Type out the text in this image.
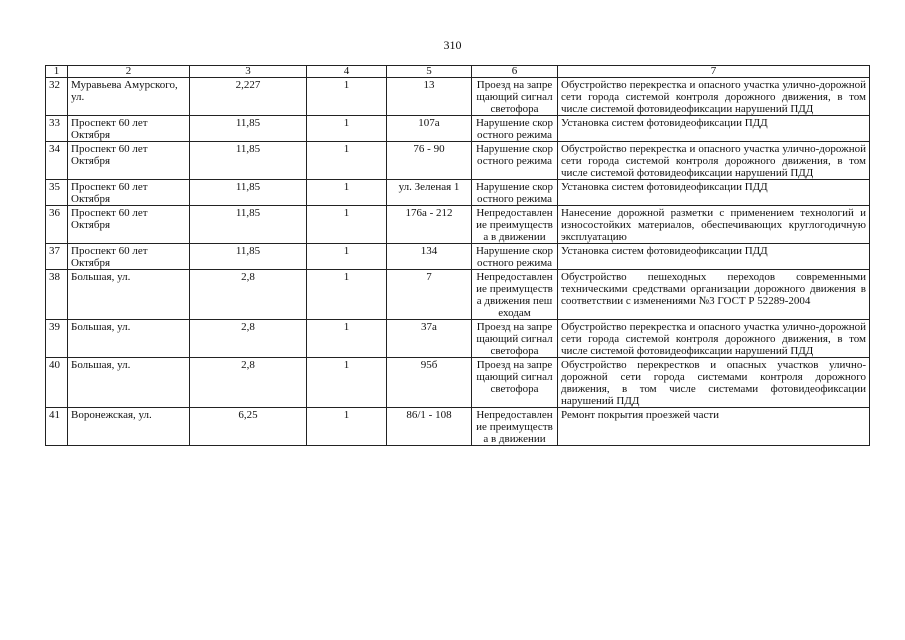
310
1	2	3	4	5	6	7
32	Муравьева Амурского, ул.	2,227	1	13	Проезд на запрещающий сигнал светофора	Обустройство перекрестка и опасного участка улично-дорожной сети города системой контроля дорожного движения, в том числе системой фотовидеофиксации нарушений ПДД
33	Проспект 60 лет Октября	11,85	1	107а	Нарушение скоростного режима	Установка систем фотовидеофиксации ПДД
34	Проспект 60 лет Октября	11,85	1	76 - 90	Нарушение скоростного режима	Обустройство перекрестка и опасного участка улично-дорожной сети города системой контроля дорожного движения, в том числе системой фотовидеофиксации нарушений ПДД
35	Проспект 60 лет Октября	11,85	1	ул. Зеленая 1	Нарушение скоростного режима	Установка систем фотовидеофиксации ПДД
36	Проспект 60 лет Октября	11,85	1	176а - 212	Непредоставление преимущества в движении	Нанесение дорожной разметки с применением технологий и износостойких материалов, обеспечивающих круглогодичную эксплуатацию
37	Проспект 60 лет Октября	11,85	1	134	Нарушение скоростного режима	Установка систем фотовидеофиксации ПДД
38	Большая, ул.	2,8	1	7	Непредоставление преимущества движения пешеходам	Обустройство пешеходных переходов современными техническими средствами организации дорожного движения в соответствии с изменениями №3 ГОСТ Р 52289-2004
39	Большая, ул.	2,8	1	37а	Проезд на запрещающий сигнал светофора	Обустройство перекрестка и опасного участка улично-дорожной сети города системой контроля дорожного движения, в том числе системой фотовидеофиксации нарушений ПДД
40	Большая, ул.	2,8	1	95б	Проезд на запрещающий сигнал светофора	Обустройство перекрестков и опасных участков улично-дорожной сети города системами контроля дорожного движения, в том числе системами фотовидеофиксации нарушений ПДД
41	Воронежская, ул.	6,25	1	86/1 - 108	Непредоставление преимущества в движении	Ремонт покрытия проезжей части
